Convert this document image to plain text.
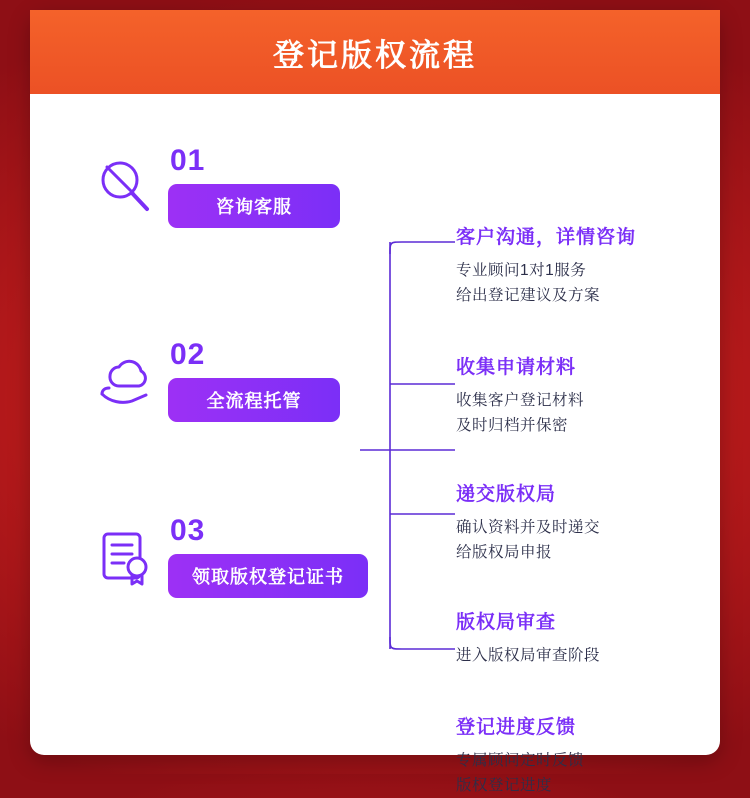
登记版权流程
01
咨询客服
02
全流程托管
03
领取版权登记证书
客户沟通，详情咨询
专业顾问1对1服务
给出登记建议及方案
收集申请材料
收集客户登记材料
及时归档并保密
递交版权局
确认资料并及时递交
给版权局申报
版权局审查
进入版权局审查阶段
登记进度反馈
专属顾问定时反馈
版权登记进度
